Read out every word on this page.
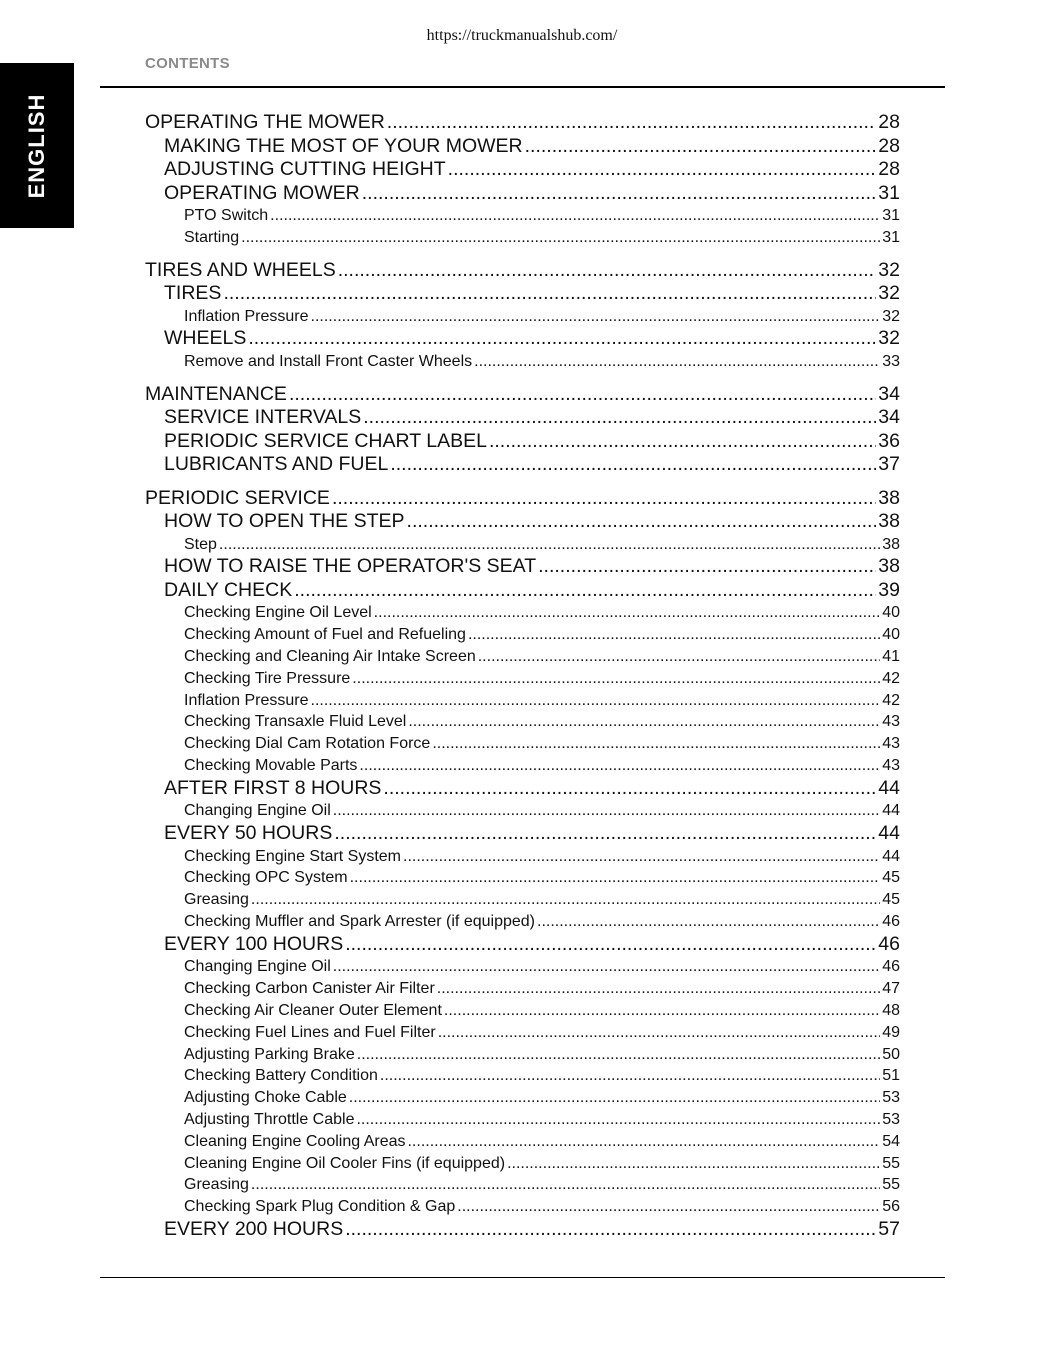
https://truckmanualshub.com/
CONTENTS
ENGLISH	OPERATING THE MOWER .....	28
MAKING THE MOST OF YOUR MOWER .....	28
ADJUSTING CUTTING HEIGHT .....	28
OPERATING MOWER .....	31
PTO Switch .....	31
Starting .....	31
TIRES AND WHEELS .....	32
TIRES .....	32
Inflation Pressure .....	32
WHEELS .....	32
Remove and Install Front Caster Wheels .....	33
MAINTENANCE .....	34
SERVICE INTERVALS .....	34
PERIODIC SERVICE CHART LABEL .....	36
LUBRICANTS AND FUEL .....	37
PERIODIC SERVICE .....	38
HOW TO OPEN THE STEP .....	38
Step .....	38
HOW TO RAISE THE OPERATOR'S SEAT .....	38
DAILY CHECK .....	39
Checking Engine Oil Level .....	40
Checking Amount of Fuel and Refueling .....	40
Checking and Cleaning Air Intake Screen .....	41
Checking Tire Pressure .....	42
Inflation Pressure .....	42
Checking Transaxle Fluid Level .....	43
Checking Dial Cam Rotation Force .....	43
Checking Movable Parts .....	43
AFTER FIRST 8 HOURS .....	44
Changing Engine Oil .....	44
EVERY 50 HOURS .....	44
Checking Engine Start System .....	44
Checking OPC System .....	45
Greasing .....	45
Checking Muffler and Spark Arrester (if equipped) .....	46
EVERY 100 HOURS .....	46
Changing Engine Oil .....	46
Checking Carbon Canister Air Filter .....	47
Checking Air Cleaner Outer Element .....	48
Checking Fuel Lines and Fuel Filter .....	49
Adjusting Parking Brake .....	50
Checking Battery Condition .....	51
Adjusting Choke Cable .....	53
Adjusting Throttle Cable .....	53
Cleaning Engine Cooling Areas .....	54
Cleaning Engine Oil Cooler Fins (if equipped) .....	55
Greasing .....	55
Checking Spark Plug Condition & Gap .....	56
EVERY 200 HOURS .....	57
